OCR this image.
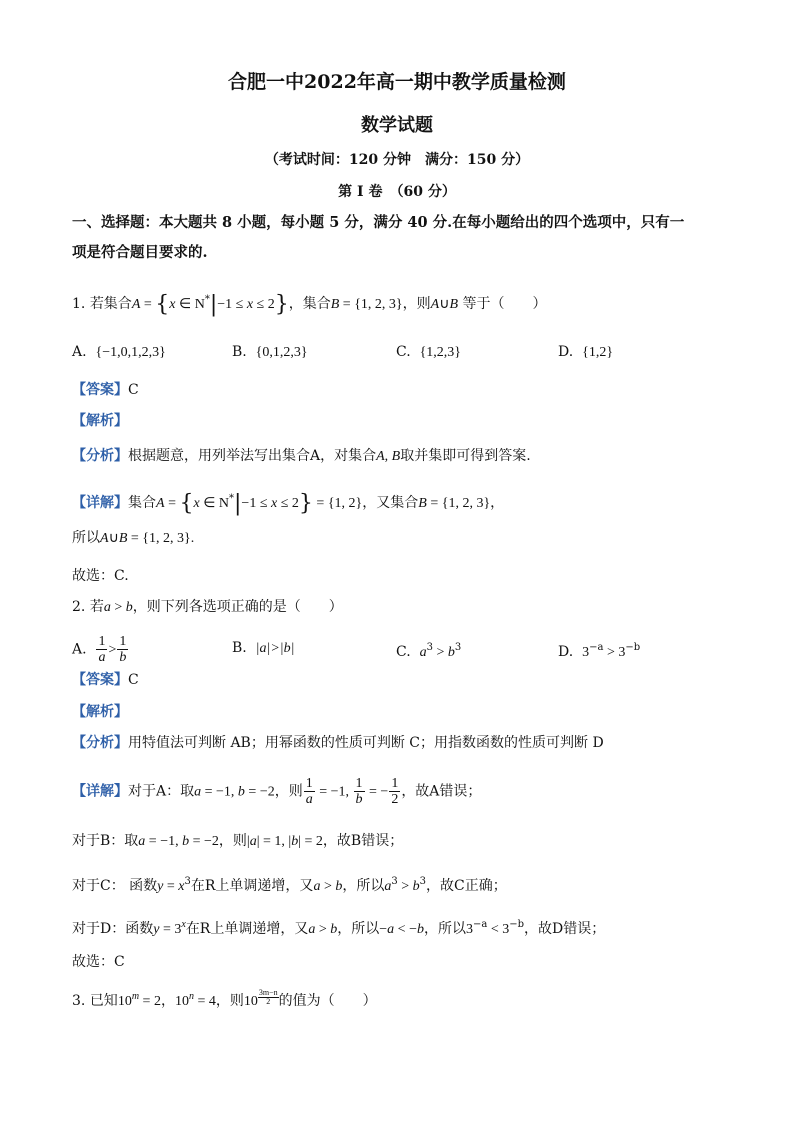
合肥一中2022年高一期中教学质量检测
数学试题
（考试时间：120 分钟　满分：150 分）
第 I 卷　（60 分）
一、选择题：本大题共 8 小题，每小题 5 分，满分 40 分.在每小题给出的四个选项中，只有一
项是符合题目要求的.
1. 若集合A = {x ∈ N*|−1 ≤ x ≤ 2}，集合B = {1, 2, 3}，则A∪B 等于（　　）
A. {−1,0,1,2,3}	B. {0,1,2,3}	C. {1,2,3}	D. {1,2}
【答案】C
【解析】
【分析】根据题意，用列举法写出集合A，对集合A, B取并集即可得到答案.
【详解】集合A = {x ∈ N*|−1 ≤ x ≤ 2} = {1, 2}，又集合B = {1, 2, 3}，
所以A∪B = {1, 2, 3}.
故选：C.
2. 若a > b，则下列各选项正确的是（　　）
A. $\frac{1}{a} > \frac{1}{b}$	B. |a|>|b|	C. $a^3 > b^3$	D. $3^{-a} > 3^{-b}$
【答案】C
【解析】
【分析】用特值法可判断 AB；用幂函数的性质可判断 C；用指数函数的性质可判断 D
【详解】对于A：取a = −1, b = −2，则 $\frac{1}{a} = -1$, $\frac{1}{b}$ = − $\frac{1}{2}$ ，故A错误；
对于B：取a = −1, b = −2，则|a| = 1, |b| = 2，故B错误；
对于C： 函数$y = x^3$在R上单调递增，又a > b，所以$a^3 > b^3$，故C正确；
对于D：函数$y = 3^x$在R上单调递增，又a > b，所以−a < −b，所以$3^{-a} < 3^{-b}$，故D错误；
故选：C
3. 已知$10^m = 2$，$10^n = 4$，则$10 \frac{3m-n}{2}$ 的值为（　　）
